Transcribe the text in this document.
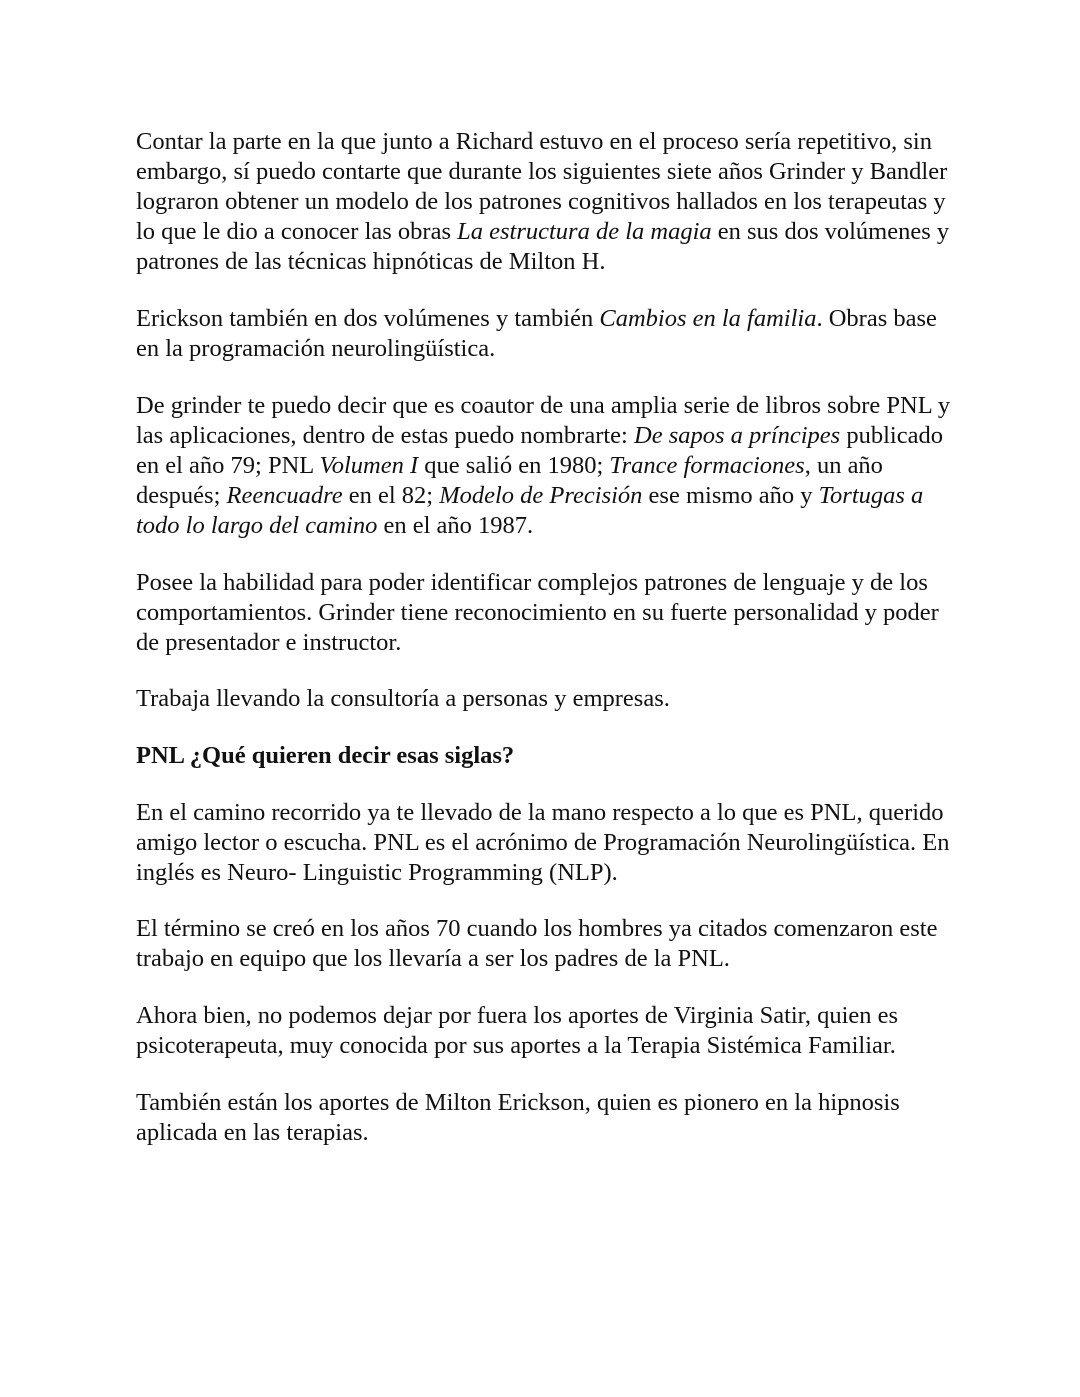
Contar la parte en la que junto a Richard estuvo en el proceso sería repetitivo, sin embargo, sí puedo contarte que durante los siguientes siete años Grinder y Bandler lograron obtener un modelo de los patrones cognitivos hallados en los terapeutas y lo que le dio a conocer las obras La estructura de la magia en sus dos volúmenes y patrones de las técnicas hipnóticas de Milton H.

Erickson también en dos volúmenes y también Cambios en la familia. Obras base en la programación neurolingüística.

De grinder te puedo decir que es coautor de una amplia serie de libros sobre PNL y las aplicaciones, dentro de estas puedo nombrarte: De sapos a príncipes publicado en el año 79; PNL Volumen I que salió en 1980; Trance formaciones, un año después; Reencuadre en el 82; Modelo de Precisión ese mismo año y Tortugas a todo lo largo del camino en el año 1987.

Posee la habilidad para poder identificar complejos patrones de lenguaje y de los comportamientos. Grinder tiene reconocimiento en su fuerte personalidad y poder de presentador e instructor.

Trabaja llevando la consultoría a personas y empresas.

PNL ¿Qué quieren decir esas siglas?

En el camino recorrido ya te llevado de la mano respecto a lo que es PNL, querido amigo lector o escucha. PNL es el acrónimo de Programación Neurolingüística. En inglés es Neuro- Linguistic Programming (NLP).

El término se creó en los años 70 cuando los hombres ya citados comenzaron este trabajo en equipo que los llevaría a ser los padres de la PNL.

Ahora bien, no podemos dejar por fuera los aportes de Virginia Satir, quien es psicoterapeuta, muy conocida por sus aportes a la Terapia Sistémica Familiar.

También están los aportes de Milton Erickson, quien es pionero en la hipnosis aplicada en las terapias.
